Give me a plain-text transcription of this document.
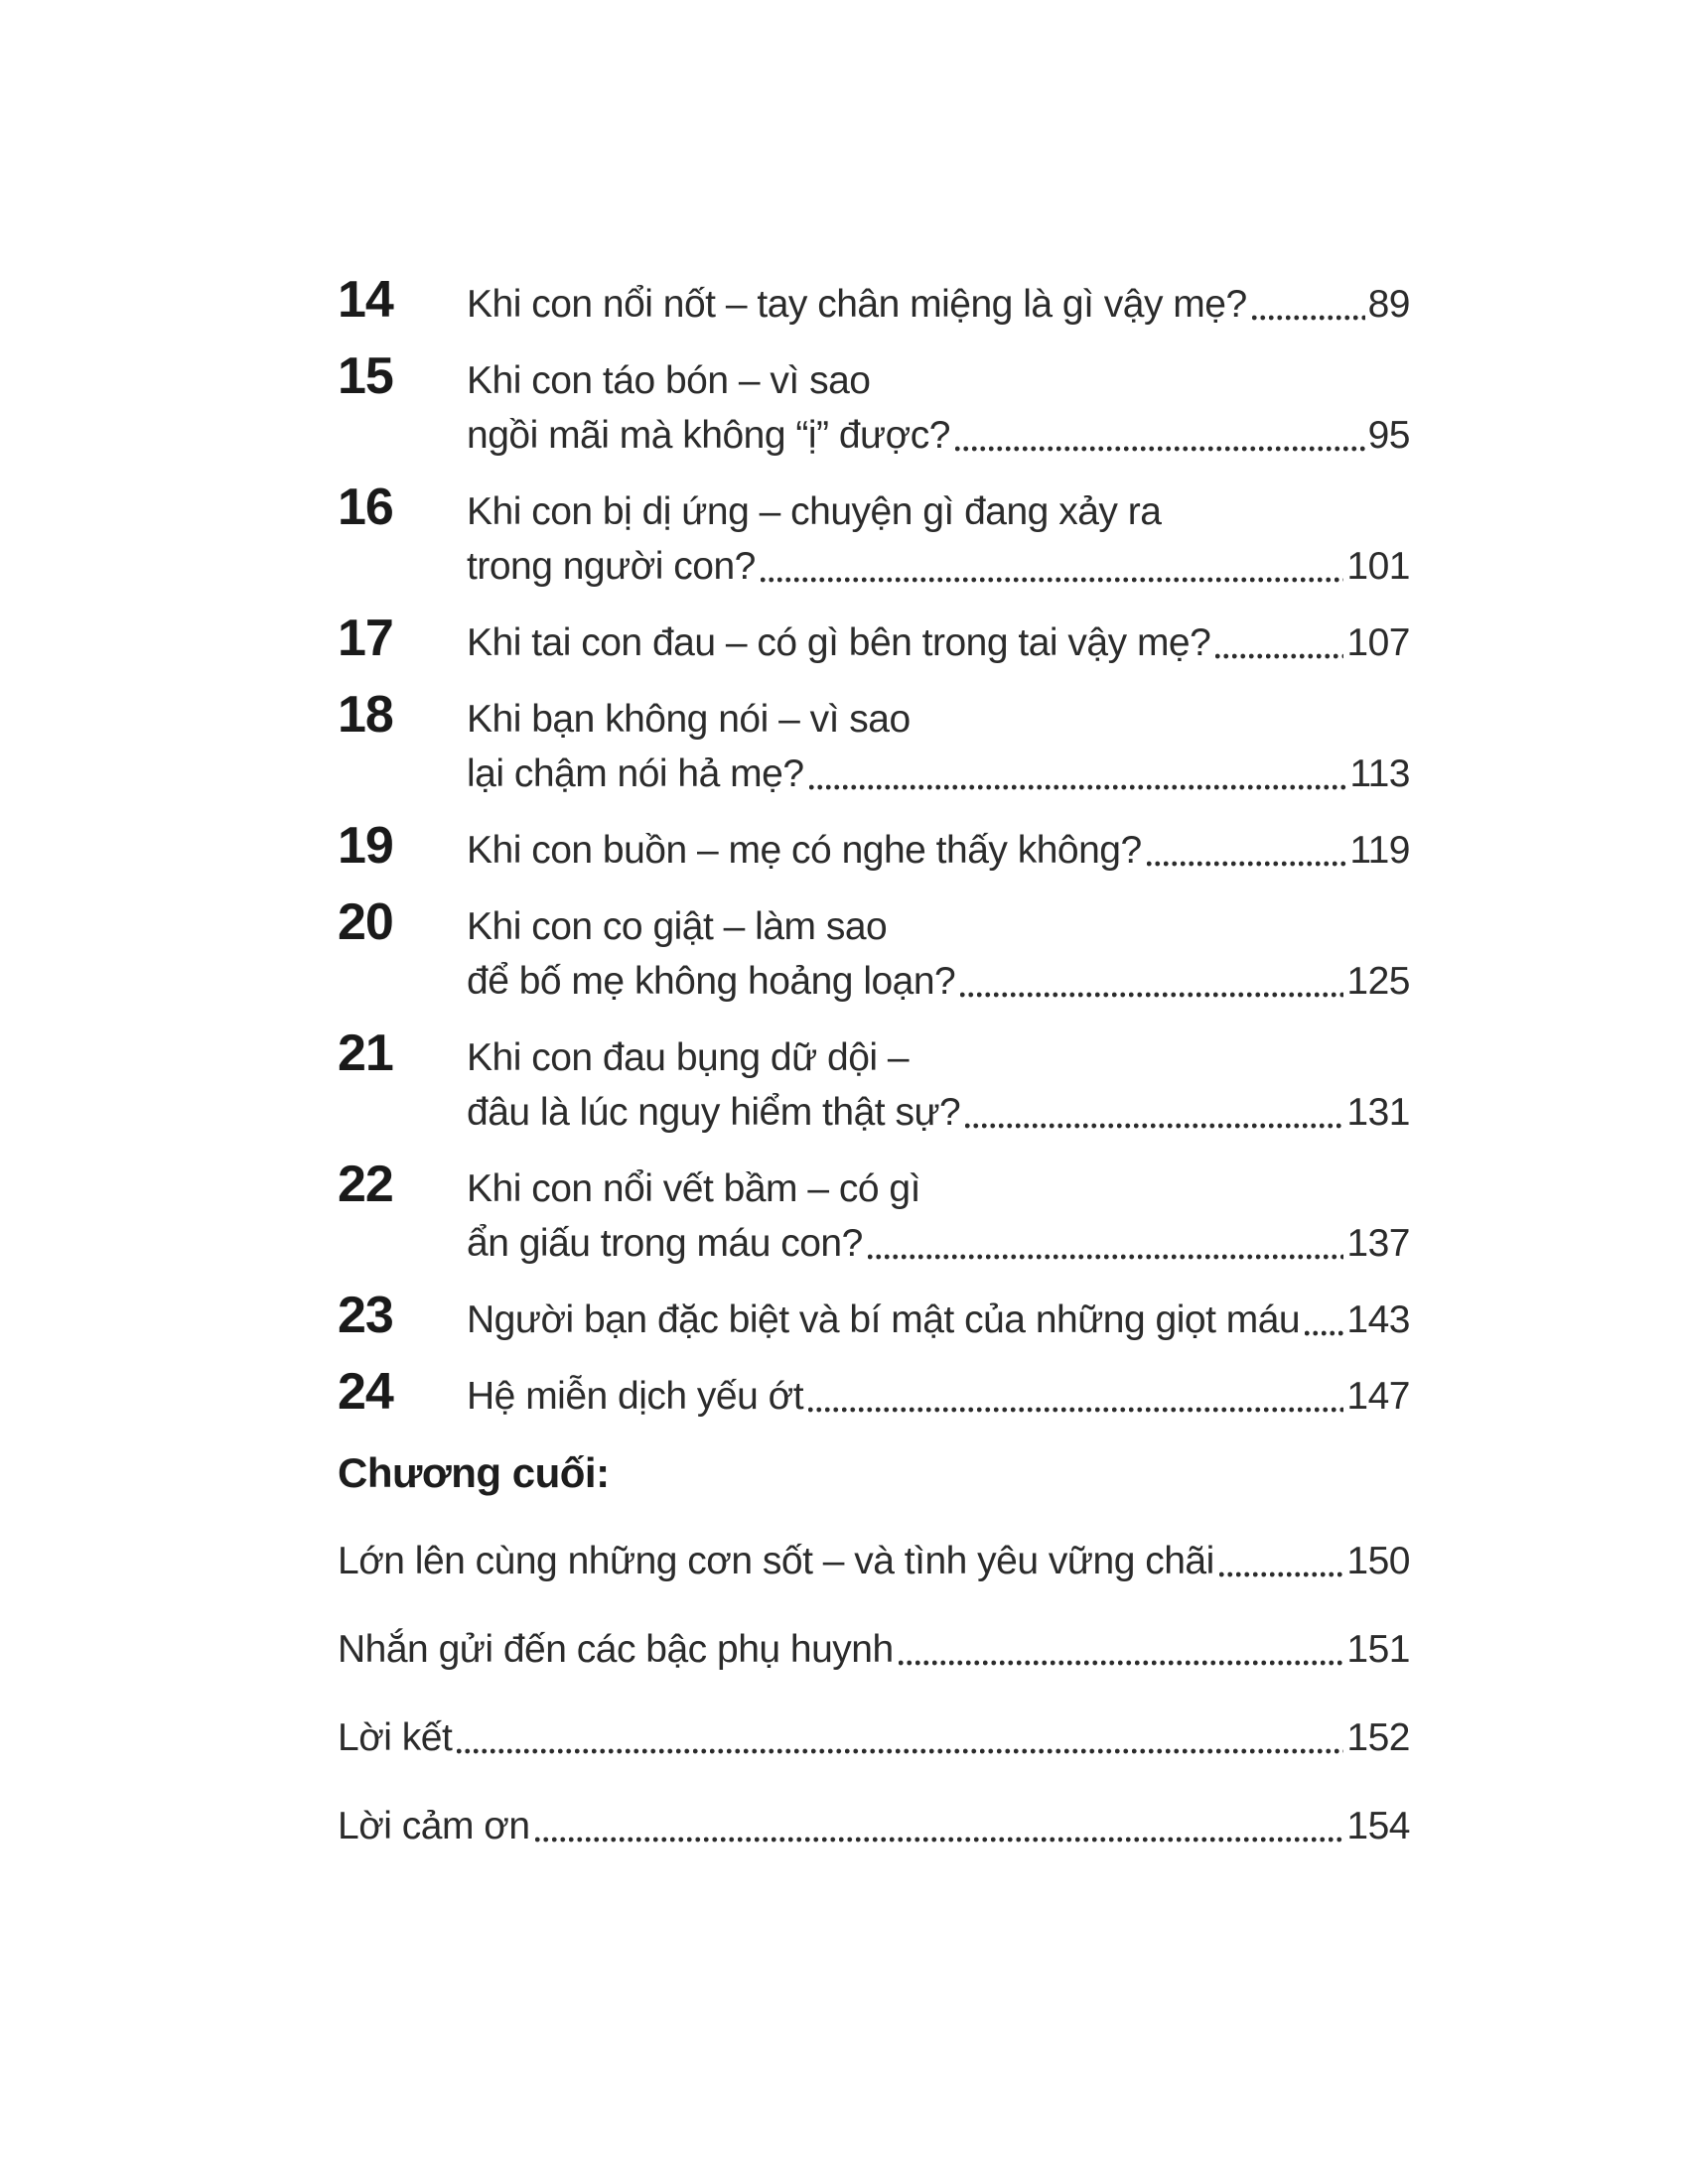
14 Khi con nổi nốt – tay chân miệng là gì vậy mẹ?	89
15 Khi con táo bón – vì sao
ngồi mãi mà không “ị” được?	95
16 Khi con bị dị ứng – chuyện gì đang xảy ra
trong người con?	101
17 Khi tai con đau – có gì bên trong tai vậy mẹ?	107
18 Khi bạn không nói – vì sao
lại chậm nói hả mẹ?	113
19 Khi con buồn – mẹ có nghe thấy không?	119
20 Khi con co giật – làm sao
để bố mẹ không hoảng loạn?	125
21 Khi con đau bụng dữ dội –
đâu là lúc nguy hiểm thật sự?	131
22 Khi con nổi vết bầm – có gì
ẩn giấu trong máu con?	137
23 Người bạn đặc biệt và bí mật của những giọt máu 143
24 Hệ miễn dịch yếu ớt	147
Chương cuối:
Lớn lên cùng những cơn sốt – và tình yêu vững chãi	150
Nhắn gửi đến các bậc phụ huynh	151
Lời kết	152
Lời cảm ơn	154
